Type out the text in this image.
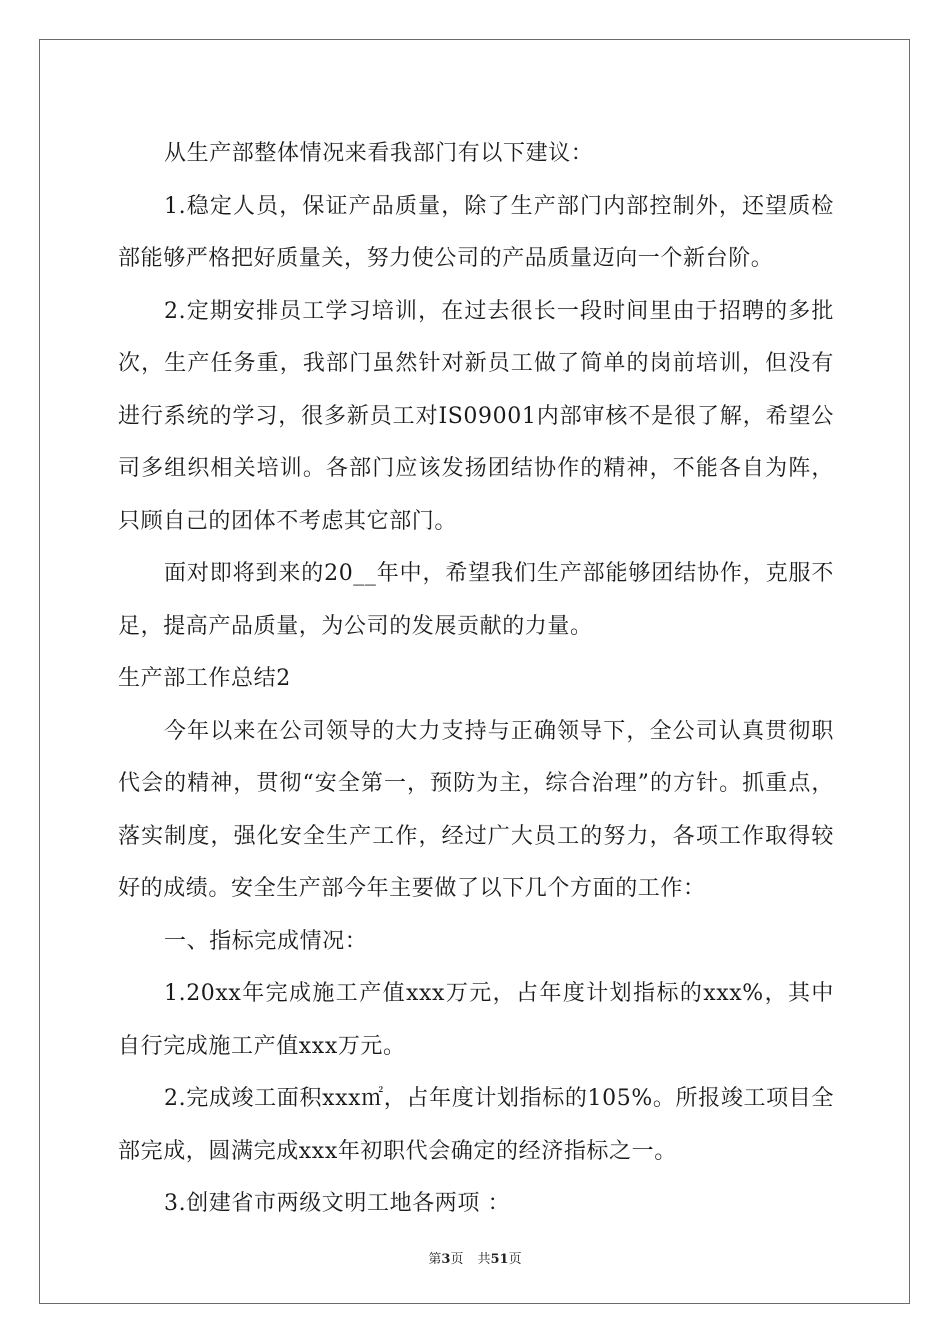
从生产部整体情况来看我部门有以下建议：

1.稳定人员，保证产品质量，除了生产部门内部控制外，还望质检部能够严格把好质量关，努力使公司的产品质量迈向一个新台阶。

2.定期安排员工学习培训，在过去很长一段时间里由于招聘的多批次，生产任务重，我部门虽然针对新员工做了简单的岗前培训，但没有进行系统的学习，很多新员工对IS09001内部审核不是很了解，希望公司多组织相关培训。各部门应该发扬团结协作的精神，不能各自为阵，只顾自己的团体不考虑其它部门。

面对即将到来的20__年中，希望我们生产部能够团结协作，克服不足，提高产品质量，为公司的发展贡献的力量。

生产部工作总结2

今年以来在公司领导的大力支持与正确领导下，全公司认真贯彻职代会的精神，贯彻“安全第一，预防为主，综合治理”的方针。抓重点，落实制度，强化安全生产工作，经过广大员工的努力，各项工作取得较好的成绩。安全生产部今年主要做了以下几个方面的工作：

一、指标完成情况：

1.20xx年完成施工产值xxx万元，占年度计划指标的xxx%，其中自行完成施工产值xxx万元。

2.完成竣工面积xxx㎡，占年度计划指标的105%。所报竣工项目全部完成，圆满完成xxx年初职代会确定的经济指标之一。

3.创建省市两级文明工地各两项 ：

第3页 共51页
